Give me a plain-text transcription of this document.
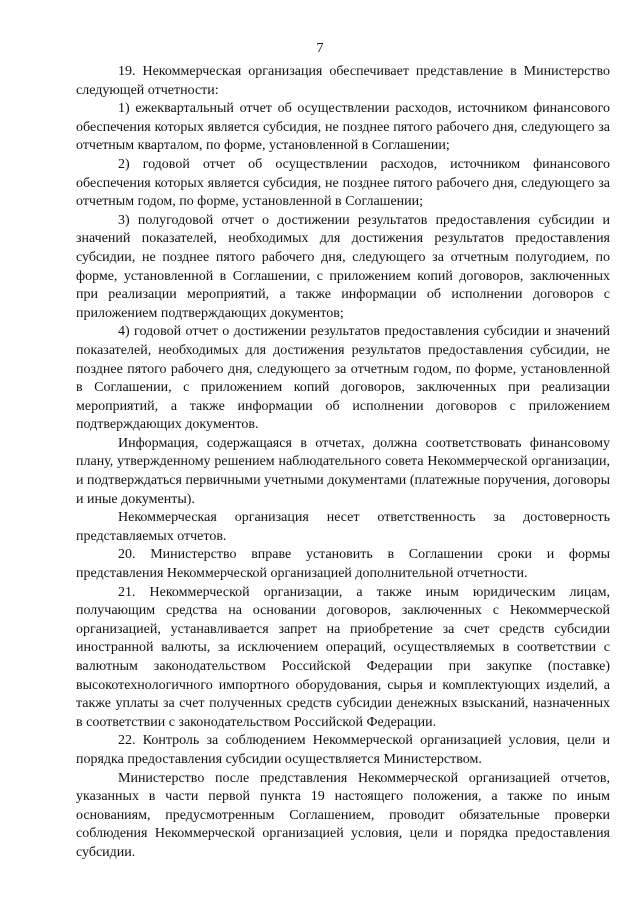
7

19. Некоммерческая организация обеспечивает представление в Министерство следующей отчетности:

1) ежеквартальный отчет об осуществлении расходов, источником финансового обеспечения которых является субсидия, не позднее пятого рабочего дня, следующего за отчетным кварталом, по форме, установленной в Соглашении;

2) годовой отчет об осуществлении расходов, источником финансового обеспечения которых является субсидия, не позднее пятого рабочего дня, следующего за отчетным годом, по форме, установленной в Соглашении;

3) полугодовой отчет о достижении результатов предоставления субсидии и значений показателей, необходимых для достижения результатов предоставления субсидии, не позднее пятого рабочего дня, следующего за отчетным полугодием, по форме, установленной в Соглашении, с приложением копий договоров, заключенных при реализации мероприятий, а также информации об исполнении договоров с приложением подтверждающих документов;

4) годовой отчет о достижении результатов предоставления субсидии и значений показателей, необходимых для достижения результатов предоставления субсидии, не позднее пятого рабочего дня, следующего за отчетным годом, по форме, установленной в Соглашении, с приложением копий договоров, заключенных при реализации мероприятий, а также информации об исполнении договоров с приложением подтверждающих документов.

Информация, содержащаяся в отчетах, должна соответствовать финансовому плану, утвержденному решением наблюдательного совета Некоммерческой организации, и подтверждаться первичными учетными документами (платежные поручения, договоры и иные документы).

Некоммерческая организация несет ответственность за достоверность представляемых отчетов.

20. Министерство вправе установить в Соглашении сроки и формы представления Некоммерческой организацией дополнительной отчетности.

21. Некоммерческой организации, а также иным юридическим лицам, получающим средства на основании договоров, заключенных с Некоммерческой организацией, устанавливается запрет на приобретение за счет средств субсидии иностранной валюты, за исключением операций, осуществляемых в соответствии с валютным законодательством Российской Федерации при закупке (поставке) высокотехнологичного импортного оборудования, сырья и комплектующих изделий, а также уплаты за счет полученных средств субсидии денежных взысканий, назначенных в соответствии с законодательством Российской Федерации.

22. Контроль за соблюдением Некоммерческой организацией условия, цели и порядка предоставления субсидии осуществляется Министерством.

Министерство после представления Некоммерческой организацией отчетов, указанных в части первой пункта 19 настоящего положения, а также по иным основаниям, предусмотренным Соглашением, проводит обязательные проверки соблюдения Некоммерческой организацией условия, цели и порядка предоставления субсидии.
